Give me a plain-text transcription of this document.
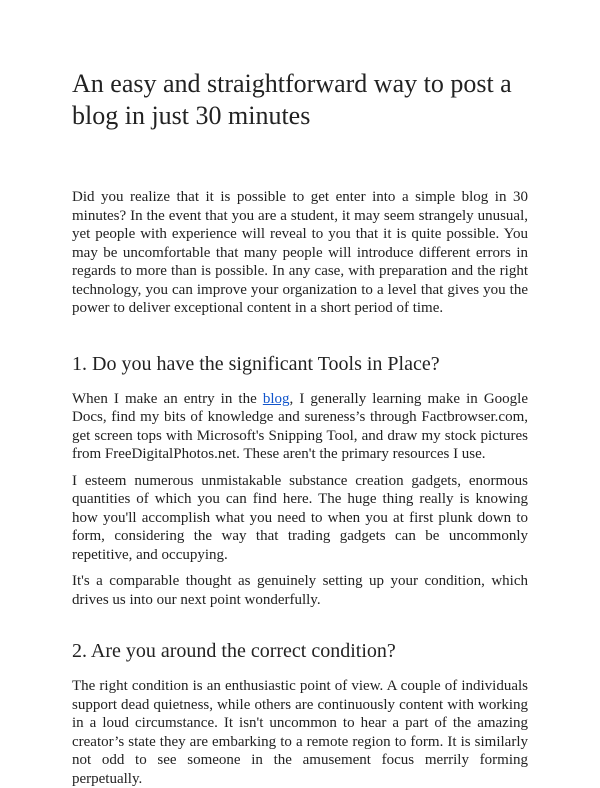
An easy and straightforward way to post a blog in just 30 minutes

Did you realize that it is possible to get enter into a simple blog in 30 minutes? In the event that you are a student, it may seem strangely unusual, yet people with experience will reveal to you that it is quite possible. You may be uncomfortable that many people will introduce different errors in regards to more than is possible. In any case, with preparation and the right technology, you can improve your organization to a level that gives you the power to deliver exceptional content in a short period of time.

1. Do you have the significant Tools in Place?

When I make an entry in the blog, I generally learning make in Google Docs, find my bits of knowledge and sureness’s through Factbrowser.com, get screen tops with Microsoft's Snipping Tool, and draw my stock pictures from FreeDigitalPhotos.net. These aren't the primary resources I use.

I esteem numerous unmistakable substance creation gadgets, enormous quantities of which you can find here. The huge thing really is knowing how you'll accomplish what you need to when you at first plunk down to form, considering the way that trading gadgets can be uncommonly repetitive, and occupying.

It's a comparable thought as genuinely setting up your condition, which drives us into our next point wonderfully.

2. Are you around the correct condition?

The right condition is an enthusiastic point of view. A couple of individuals support dead quietness, while others are continuously content with working in a loud circumstance. It isn't uncommon to hear a part of the amazing creator’s state they are embarking to a remote region to form. It is similarly not odd to see someone in the amusement focus merrily forming perpetually.
